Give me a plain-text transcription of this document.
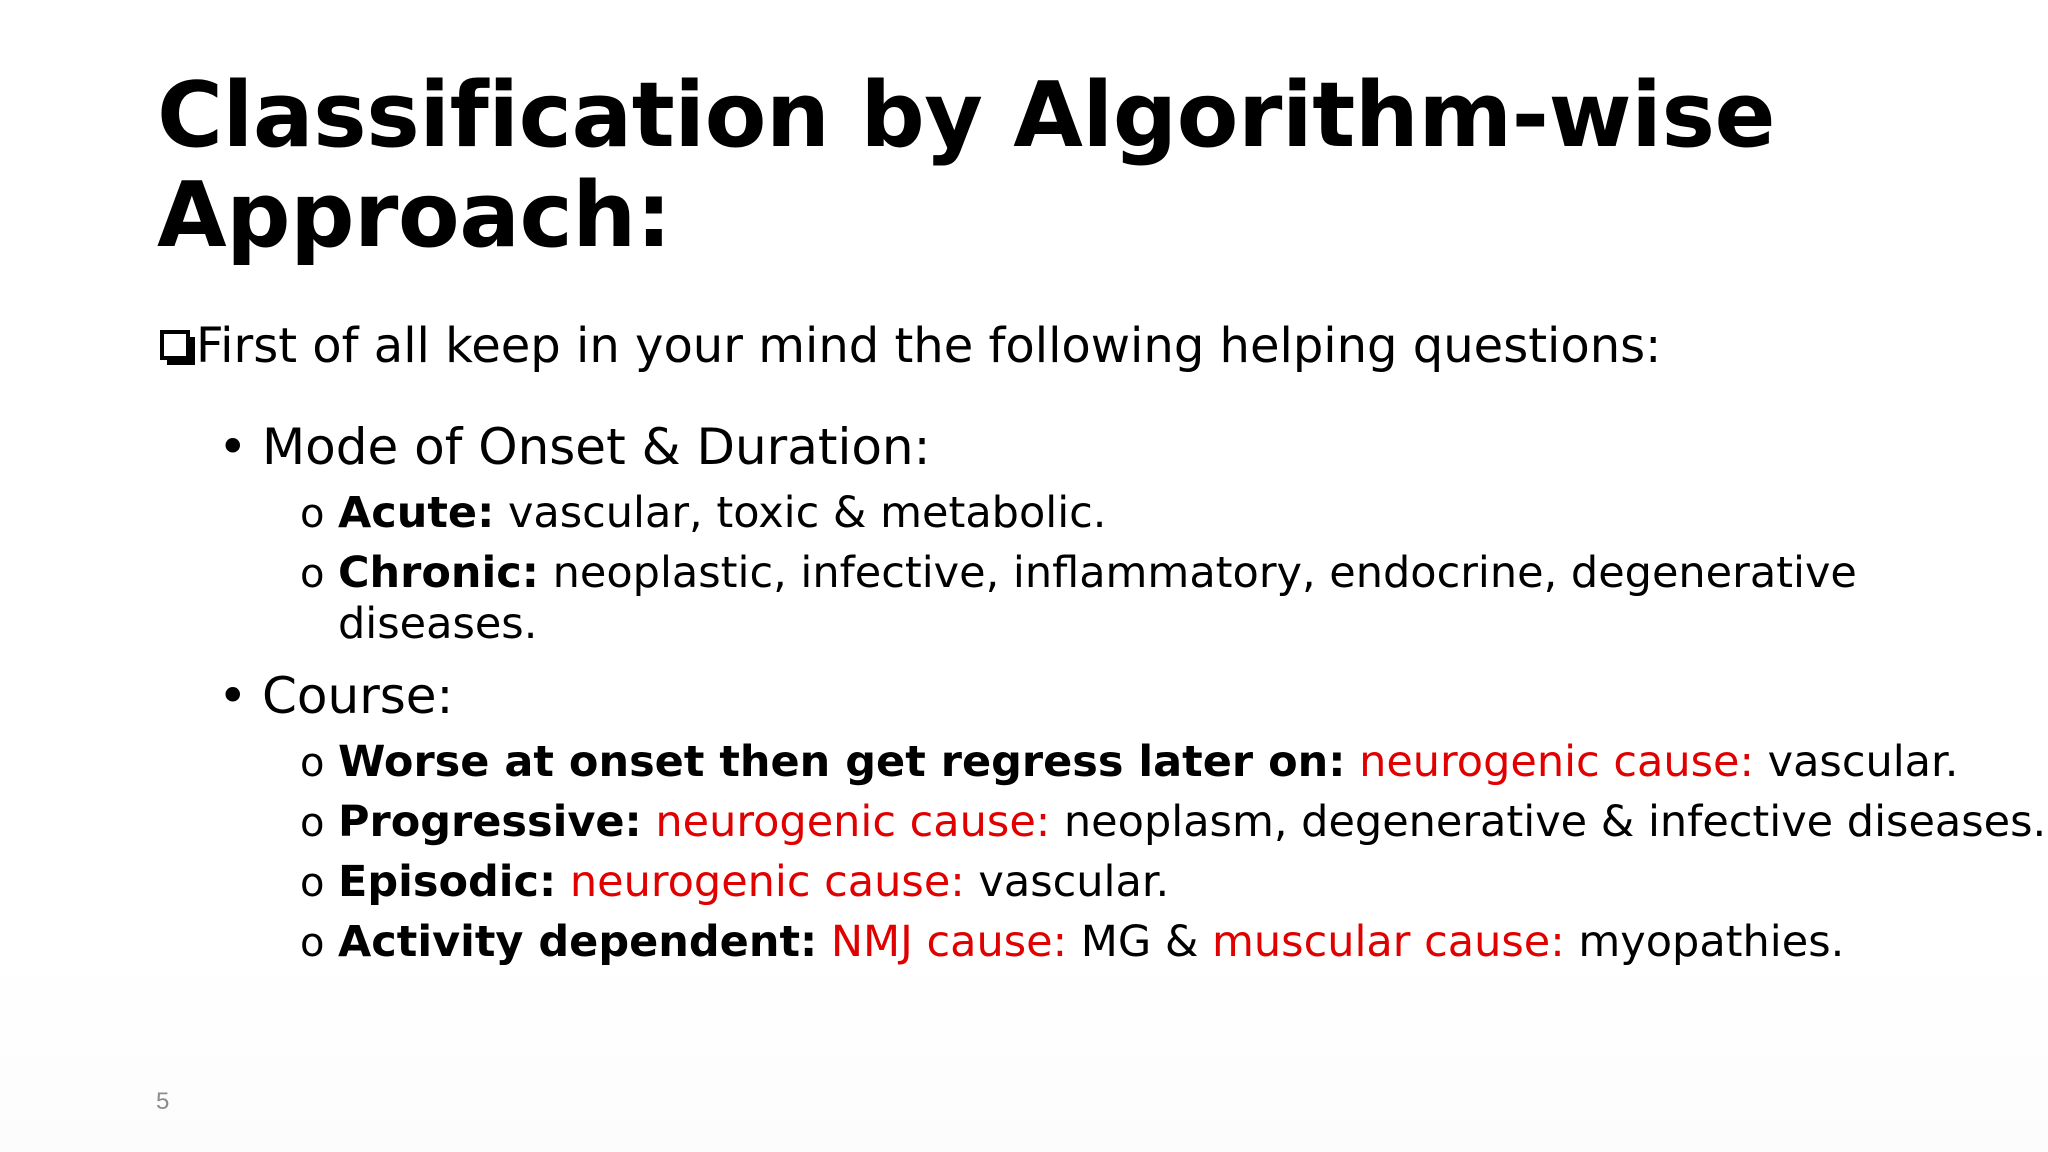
Classification by Algorithm-wise Approach:
First of all keep in your mind the following helping questions:
• Mode of Onset & Duration:
o Acute: vascular, toxic & metabolic.
o Chronic: neoplastic, infective, inflammatory, endocrine, degenerative
diseases.
• Course:
o Worse at onset then get regress later on: neurogenic cause: vascular.
o Progressive: neurogenic cause: neoplasm, degenerative & infective diseases.
o Episodic: neurogenic cause: vascular.
o Activity dependent: NMJ cause: MG & muscular cause: myopathies.
5
